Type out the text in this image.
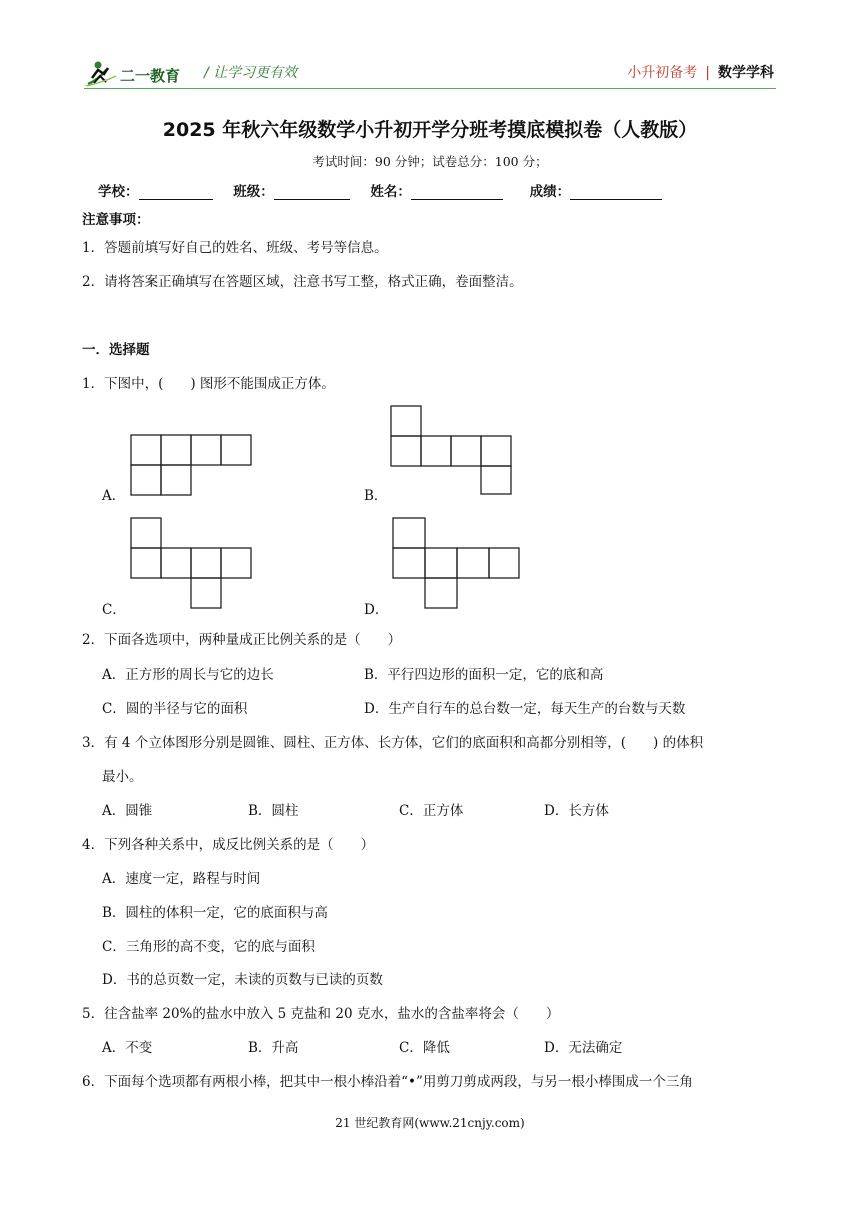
二一教育 / 让学习更有效	小升初备考 | 数学学科
2025 年秋六年级数学小升初开学分班考摸底模拟卷（人教版）
考试时间：90 分钟；试卷总分：100 分；
学校：	班级：	姓名：	成绩：
注意事项：
1．答题前填写好自己的姓名、班级、考号等信息。
2．请将答案正确填写在答题区域，注意书写工整，格式正确，卷面整洁。
一．选择题
1．下图中，(　　) 图形不能围成正方体。
A．	B．
C．	D．
2．下面各选项中，两种量成正比例关系的是（　　）
A．正方形的周长与它的边长	B．平行四边形的面积一定，它的底和高
C．圆的半径与它的面积	D．生产自行车的总台数一定，每天生产的台数与天数
3．有 4 个立体图形分别是圆锥、圆柱、正方体、长方体，它们的底面积和高都分别相等，(　　) 的体积
最小。
A．圆锥	B．圆柱	C．正方体	D．长方体
4．下列各种关系中，成反比例关系的是（　　）
A．速度一定，路程与时间
B．圆柱的体积一定，它的底面积与高
C．三角形的高不变，它的底与面积
D．书的总页数一定，未读的页数与已读的页数
5．往含盐率 20%的盐水中放入 5 克盐和 20 克水，盐水的含盐率将会（　　）
A．不变	B．升高	C．降低	D．无法确定
6．下面每个选项都有两根小棒，把其中一根小棒沿着“•”用剪刀剪成两段，与另一根小棒围成一个三角
21 世纪教育网(www.21cnjy.com)
